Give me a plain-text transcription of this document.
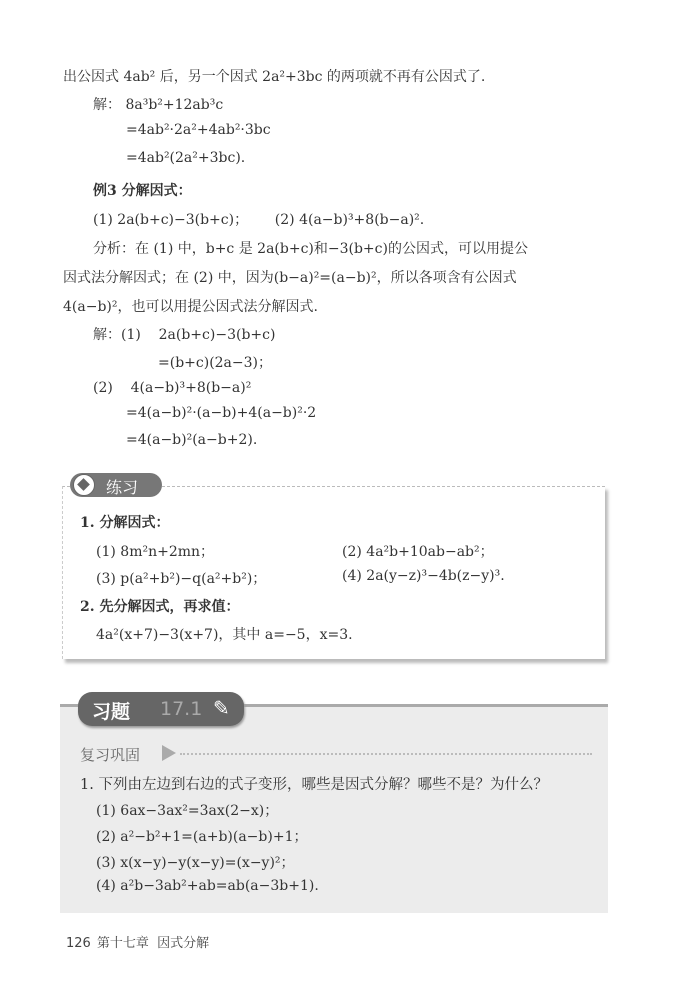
出公因式 4ab² 后，另一个因式 2a²+3bc 的两项就不再有公因式了.
解： 8a³b²+12ab³c
=4ab²·2a²+4ab²·3bc
=4ab²(2a²+3bc).
例3 分解因式：
(1) 2a(b+c)−3(b+c)；      (2) 4(a−b)³+8(b−a)².
分析：在 (1) 中，b+c 是 2a(b+c)和−3(b+c)的公因式，可以用提公
因式法分解因式；在 (2) 中，因为(b−a)²=(a−b)²，所以各项含有公因式
4(a−b)²，也可以用提公因式法分解因式.
解：(1)    2a(b+c)−3(b+c)
=(b+c)(2a−3)；
(2)    4(a−b)³+8(b−a)²
=4(a−b)²·(a−b)+4(a−b)²·2
=4(a−b)²(a−b+2).
练习
1. 分解因式：
(1) 8m²n+2mn；	(2) 4a²b+10ab−ab²；
(3) p(a²+b²)−q(a²+b²)；	(4) 2a(y−z)³−4b(z−y)³.
2. 先分解因式，再求值：
4a²(x+7)−3(x+7)，其中 a=−5，x=3.
习题 17.1 ✎
复习巩固
1. 下列由左边到右边的式子变形，哪些是因式分解？哪些不是？为什么？
(1) 6ax−3ax²=3ax(2−x)；
(2) a²−b²+1=(a+b)(a−b)+1；
(3) x(x−y)−y(x−y)=(x−y)²；
(4) a²b−3ab²+ab=ab(a−3b+1).
126 第十七章 因式分解
